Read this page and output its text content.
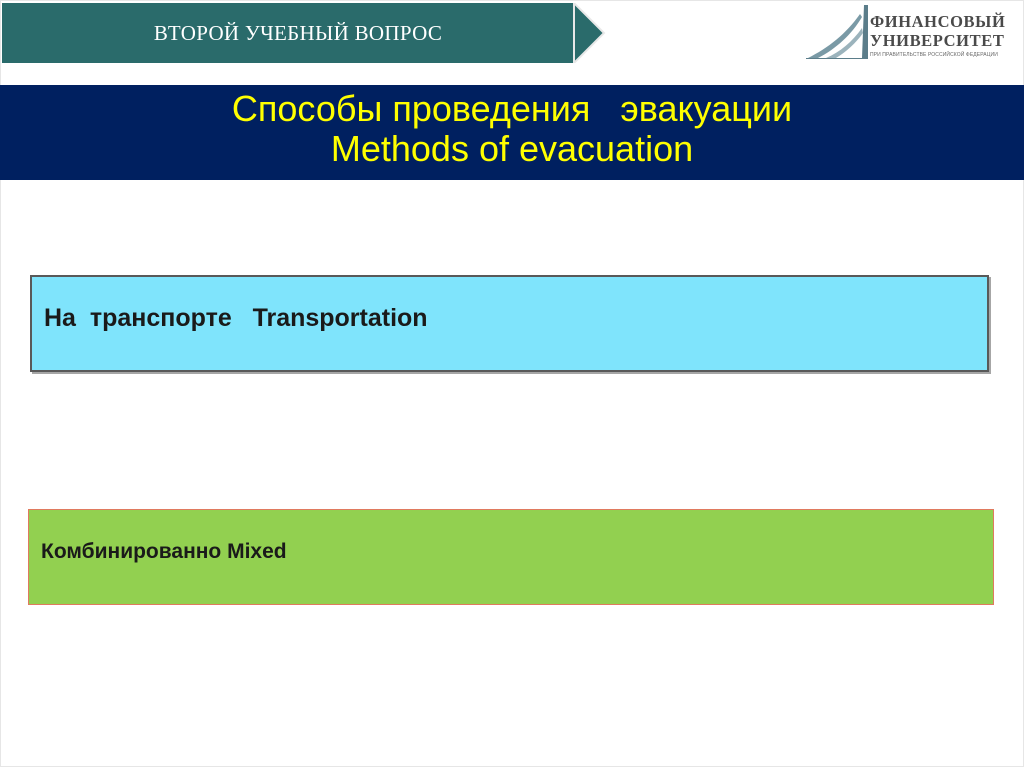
ВТОРОЙ УЧЕБНЫЙ ВОПРОС	ФИНАНСОВЫЙ
УНИВЕРСИТЕТ
ПРИ ПРАВИТЕЛЬСТВЕ РОССИЙСКОЙ ФЕДЕРАЦИИ
Способы проведения   эвакуации
Methods of evacuation
На  транспорте   Transportation
Комбинированно Mixed
